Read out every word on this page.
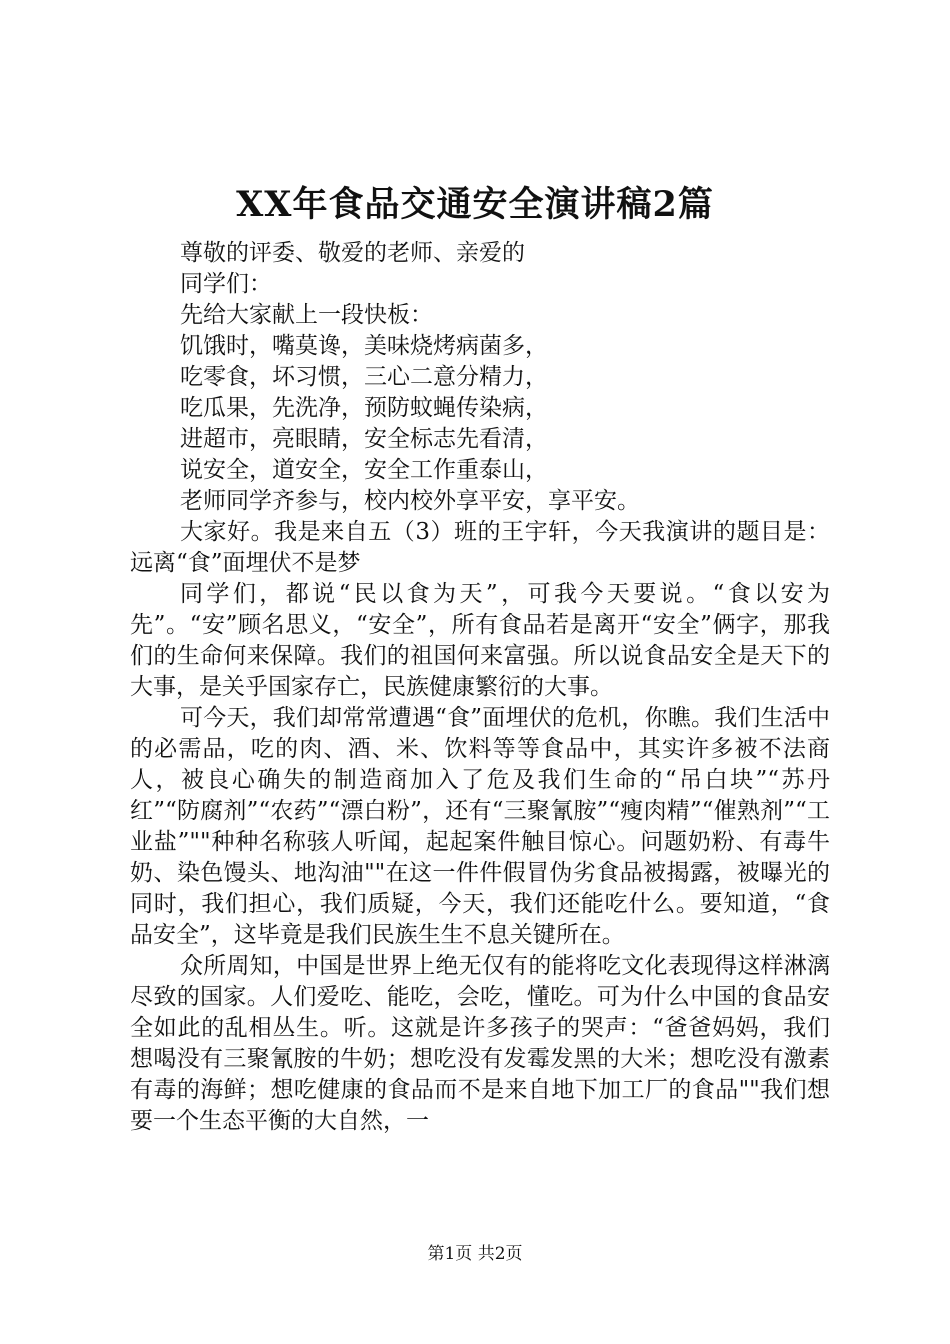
XX年食品交通安全演讲稿2篇
尊敬的评委、敬爱的老师、亲爱的
同学们：
先给大家献上一段快板：
饥饿时，嘴莫谗，美味烧烤病菌多，
吃零食，坏习惯，三心二意分精力，
吃瓜果，先洗净，预防蚊蝇传染病，
进超市，亮眼睛，安全标志先看清，
说安全，道安全，安全工作重泰山，
老师同学齐参与，校内校外享平安，享平安。

大家好。我是来自五（3）班的王宇轩，今天我演讲的题目是：远离“食”面埋伏不是梦

同学们，都说“民以食为天”，可我今天要说。“食以安为先”。“安”顾名思义，“安全”，所有食品若是离开“安全”俩字，那我们的生命何来保障。我们的祖国何来富强。所以说食品安全是天下的大事，是关乎国家存亡，民族健康繁衍的大事。

可今天，我们却常常遭遇“食”面埋伏的危机，你瞧。我们生活中的必需品，吃的肉、酒、米、饮料等等食品中，其实许多被不法商人，被良心确失的制造商加入了危及我们生命的“吊白块”“苏丹红”“防腐剂”“农药”“漂白粉”，还有“三聚氰胺”“瘦肉精”“催熟剂”“工业盐”""种种名称骇人听闻，起起案件触目惊心。问题奶粉、有毒牛奶、染色馒头、地沟油""在这一件件假冒伪劣食品被揭露，被曝光的同时，我们担心，我们质疑，今天，我们还能吃什么。要知道，“食品安全”，这毕竟是我们民族生生不息关键所在。

众所周知，中国是世界上绝无仅有的能将吃文化表现得这样淋漓尽致的国家。人们爱吃、能吃，会吃，懂吃。可为什么中国的食品安全如此的乱相丛生。听。这就是许多孩子的哭声：“爸爸妈妈，我们想喝没有三聚氰胺的牛奶；想吃没有发霉发黑的大米；想吃没有激素有毒的海鲜；想吃健康的食品而不是来自地下加工厂的食品""我们想要一个生态平衡的大自然，一

第1页 共2页
